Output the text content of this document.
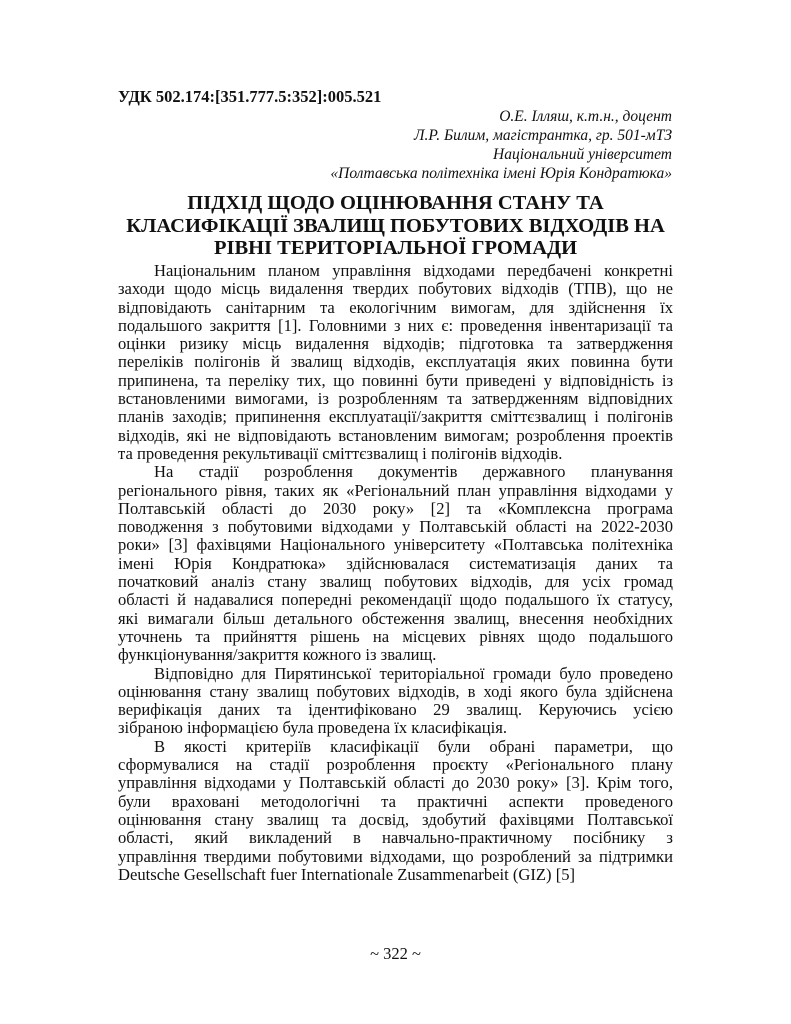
УДК 502.174:[351.777.5:352]:005.521
О.Е. Ілляш, к.т.н., доцент
Л.Р. Билим, магістрантка, гр. 501-мТЗ
Національний університет
«Полтавська політехніка імені Юрія Кондратюка»
ПІДХІД ЩОДО ОЦІНЮВАННЯ СТАНУ ТА
КЛАСИФІКАЦІЇ ЗВАЛИЩ ПОБУТОВИХ ВІДХОДІВ НА
РІВНІ ТЕРИТОРІАЛЬНОЇ ГРОМАДИ
Національним планом управління відходами передбачені конкретні
заходи щодо місць видалення твердих побутових відходів (ТПВ), що не
відповідають санітарним та екологічним вимогам, для здійснення їх
подальшого закриття [1]. Головними з них є: проведення інвентаризації та
оцінки ризику місць видалення відходів; підготовка та затвердження
переліків полігонів й звалищ відходів, експлуатація яких повинна бути
припинена, та переліку тих, що повинні бути приведені у відповідність із
встановленими вимогами, із розробленням та затвердженням відповідних
планів заходів; припинення експлуатації/закриття сміттєзвалищ і полігонів
відходів, які не відповідають встановленим вимогам; розроблення проектів
та проведення рекультивації сміттєзвалищ і полігонів відходів.
На стадії розроблення документів державного планування
регіонального рівня, таких як «Регіональний план управління відходами у
Полтавській області до 2030 року» [2] та «Комплексна програма
поводження з побутовими відходами у Полтавській області на 2022-2030
роки» [3] фахівцями Національного університету «Полтавська політехніка
імені Юрія Кондратюка» здійснювалася систематизація даних та
початковий аналіз стану звалищ побутових відходів, для усіх громад
області й надавалися попередні рекомендації щодо подальшого їх статусу,
які вимагали більш детального обстеження звалищ, внесення необхідних
уточнень та прийняття рішень на місцевих рівнях щодо подальшого
функціонування/закриття кожного із звалищ.
Відповідно для Пирятинської територіальної громади було проведено
оцінювання стану звалищ побутових відходів, в ході якого була здійснена
верифікація даних та ідентифіковано 29 звалищ. Керуючись усією
зібраною інформацією була проведена їх класифікація.
В якості критеріїв класифікації були обрані параметри, що
сформувалися на стадії розроблення проєкту «Регіонального плану
управління відходами у Полтавській області до 2030 року» [3]. Крім того,
були враховані методологічні та практичні аспекти проведеного
оцінювання стану звалищ та досвід, здобутий фахівцями Полтавської
області, який викладений в навчально-практичному посібнику з
управління твердими побутовими відходами, що розроблений за підтримки
Deutsche Gesellschaft fuer Internationale Zusammenarbeit (GIZ) [5]
~ 322 ~
